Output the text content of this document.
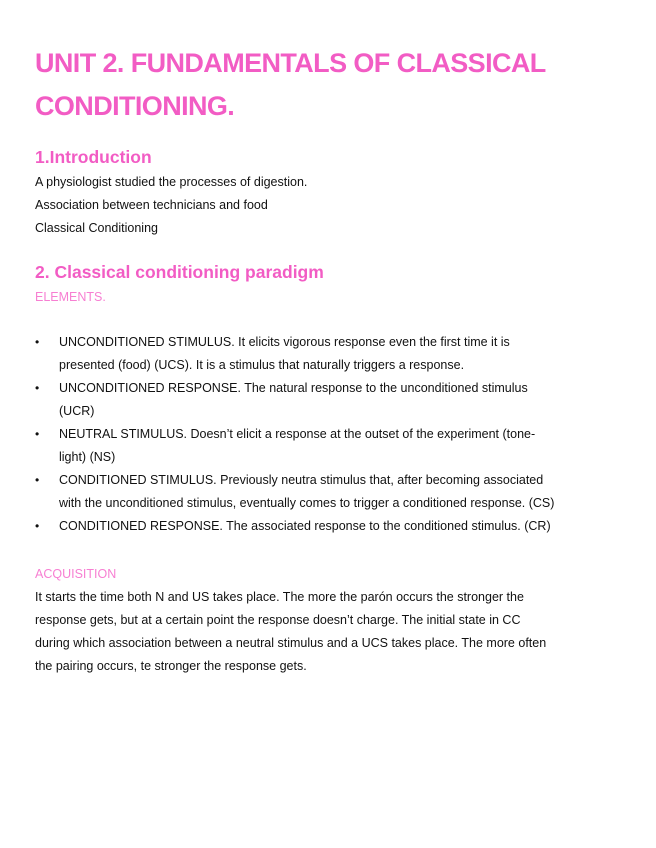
UNIT 2. FUNDAMENTALS OF CLASSICAL
CONDITIONING.
1.Introduction

A physiologist studied the processes of digestion.

Association between technicians and food

Classical Conditioning

2. Classical conditioning paradigm

ELEMENTS.

• UNCONDITIONED STIMULUS. It elicits vigorous response even the first time it is
presented (food) (UCS). It is a stimulus that naturally triggers a response.
• UNCONDITIONED RESPONSE. The natural response to the unconditioned stimulus
(UCR)
• NEUTRAL STIMULUS. Doesn’t elicit a response at the outset of the experiment (tone-
light) (NS)
• CONDITIONED STIMULUS. Previously neutra stimulus that, after becoming associated
with the unconditioned stimulus, eventually comes to trigger a conditioned response. (CS)
• CONDITIONED RESPONSE. The associated response to the conditioned stimulus. (CR)

ACQUISITION

It starts the time both N and US takes place. The more the parón occurs the stronger the
response gets, but at a certain point the response doesn’t charge. The initial state in CC
during which association between a neutral stimulus and a UCS takes place. The more often
the pairing occurs, te stronger the response gets.
